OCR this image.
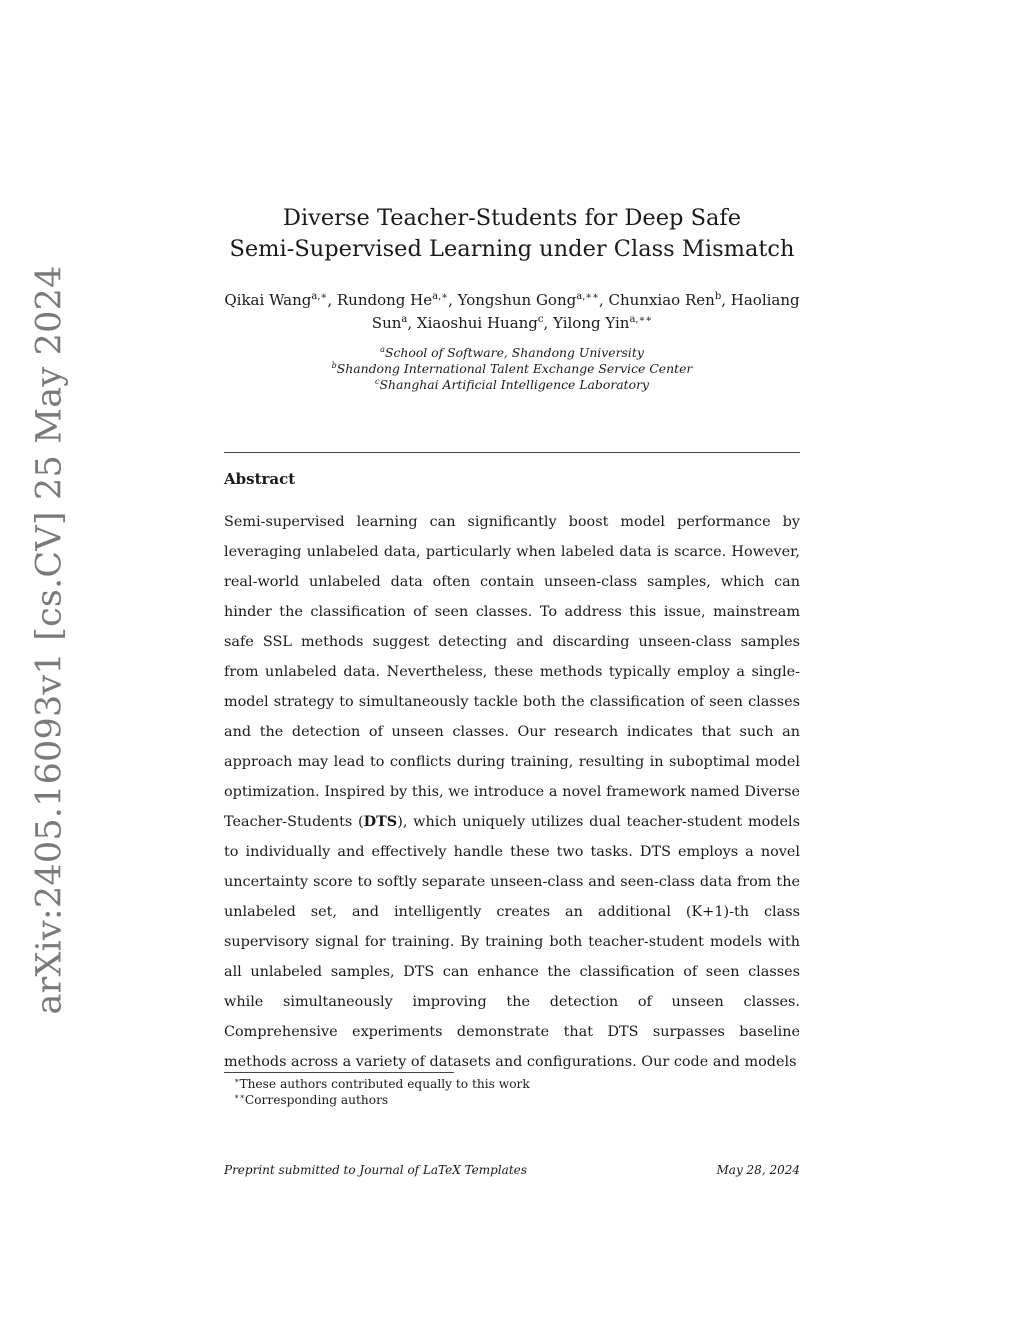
arXiv:2405.16093v1 [cs.CV] 25 May 2024
Diverse Teacher-Students for Deep Safe
Semi-Supervised Learning under Class Mismatch
Qikai Wang$^{a,∗}$, Rundong $He^{a,∗}$, Yongshun Gong$^{a,∗∗}$, Chunxiao Ren$^b$, Haoliang Sun$^a$, Xiaoshui Huang$^c$, Yilong Yin$^{a,∗∗}$
$^a$School of Software, Shandong University
$^b$Shandong International Talent Exchange Service Center
$^c$Shanghai Artificial Intelligence Laboratory
Abstract
Semi-supervised learning can significantly boost model performance by leveraging unlabeled data, particularly when labeled data is scarce. However, real-world unlabeled data often contain unseen-class samples, which can hinder the classification of seen classes. To address this issue, mainstream safe SSL methods suggest detecting and discarding unseen-class samples from unlabeled data. Nevertheless, these methods typically employ a single-model strategy to simultaneously tackle both the classification of seen classes and the detection of unseen classes. Our research indicates that such an approach may lead to conflicts during training, resulting in suboptimal model optimization. Inspired by this, we introduce a novel framework named Diverse Teacher-Students (DTS), which uniquely utilizes dual teacher-student models to individually and effectively handle these two tasks. DTS employs a novel uncertainty score to softly separate unseen-class and seen-class data from the unlabeled set, and intelligently creates an additional (K+1)-th class supervisory signal for training. By training both teacher-student models with all unlabeled samples, DTS can enhance the classification of seen classes while simultaneously improving the detection of unseen classes. Comprehensive experiments demonstrate that DTS surpasses baseline methods across a variety of datasets and configurations. Our code and models
∗These authors contributed equally to this work
∗∗Corresponding authors
Preprint submitted to Journal of LaTeX Templates	May 28, 2024
